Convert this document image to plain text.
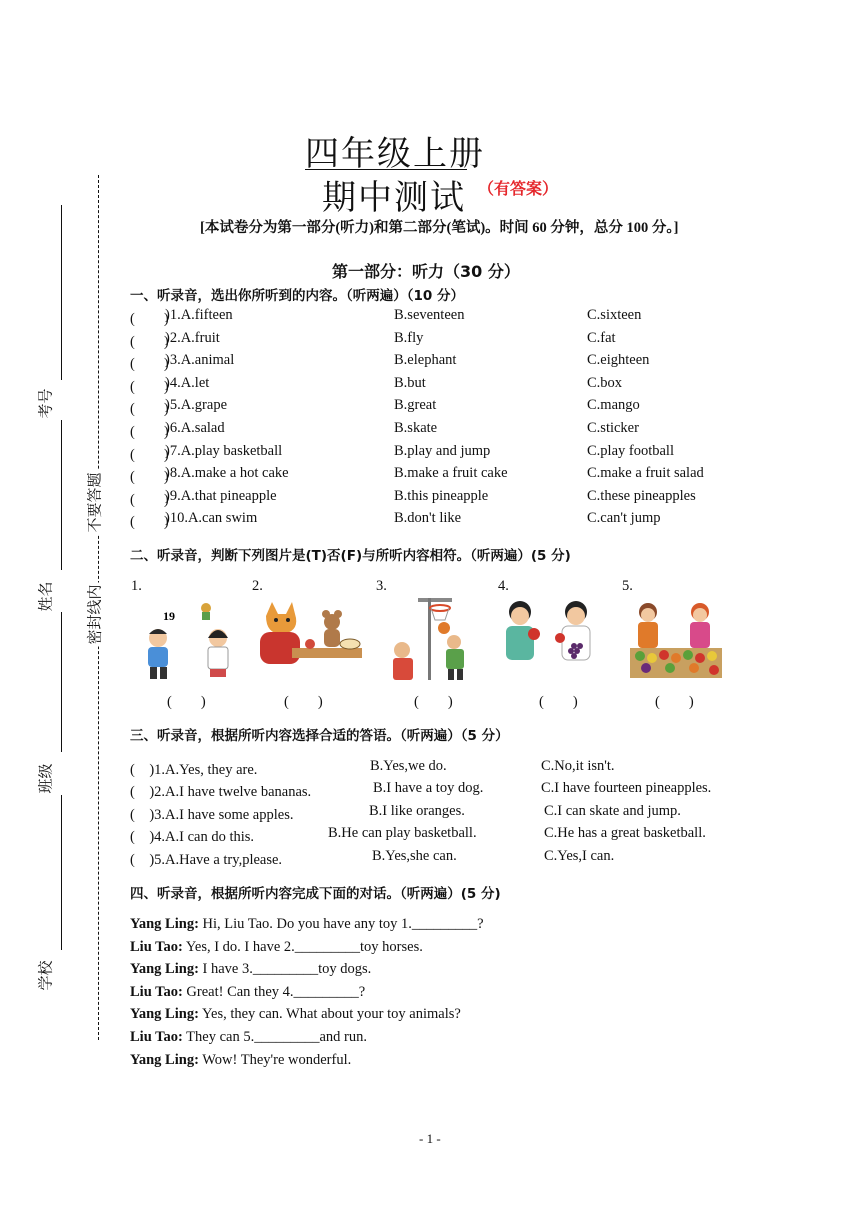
考号
姓名
班级
学校
不要答题
密封线内
四年级上册
期中测试 （有答案）
[本试卷分为第一部分(听力)和第二部分(笔试)。时间 60 分钟，总分 100 分。]
第一部分：听力（30 分）
一、听录音，选出你所听到的内容。（听两遍）（10 分）
(　　)
)1.A.fifteen	B.seventeen	C.sixteen
(　　)
)2.A.fruit	B.fly	C.fat
(　　)
)3.A.animal	B.elephant	C.eighteen
(　　)
)4.A.let	B.but	C.box
(　　)
)5.A.grape	B.great	C.mango
(　　)
)6.A.salad	B.skate	C.sticker
(　　)
)7.A.play basketball	B.play and jump	C.play football
(　　)
)8.A.make a hot cake	B.make a fruit cake	C.make a fruit salad
(　　)
)9.A.that pineapple	B.this pineapple	C.these pineapples
(　　)
)10.A.can swim	B.don't like	C.can't jump
二、听录音，判断下列图片是(T)否(F)与所听内容相符。（听两遍）(5 分)
1.	2.	3.	4.	5.
19
(　　)	(　　)	(　　)	(　　)	(　　)
三、听录音，根据所听内容选择合适的答语。（听两遍）（5 分）
(　)1.A.Yes, they are.	B.Yes,we do.	C.No,it isn't.
(　)2.A.I have twelve bananas.	B.I have a toy dog.	C.I have fourteen pineapples.
(　)3.A.I have some apples.	B.I like oranges.	C.I can skate and jump.
(　)4.A.I can do this.	B.He can play basketball.	C.He has a great basketball.
(　)5.A.Have a try,please.	B.Yes,she can.	C.Yes,I can.
四、听录音，根据所听内容完成下面的对话。（听两遍）(5 分)
Yang Ling: Hi, Liu Tao. Do you have any toy 1._________?
Liu Tao: Yes, I do. I have 2._________toy horses.
Yang Ling: I have 3._________toy dogs.
Liu Tao: Great! Can they 4._________?
Yang Ling: Yes, they can. What about your toy animals?
Liu Tao: They can 5._________and run.
Yang Ling: Wow! They're wonderful.
- 1 -
